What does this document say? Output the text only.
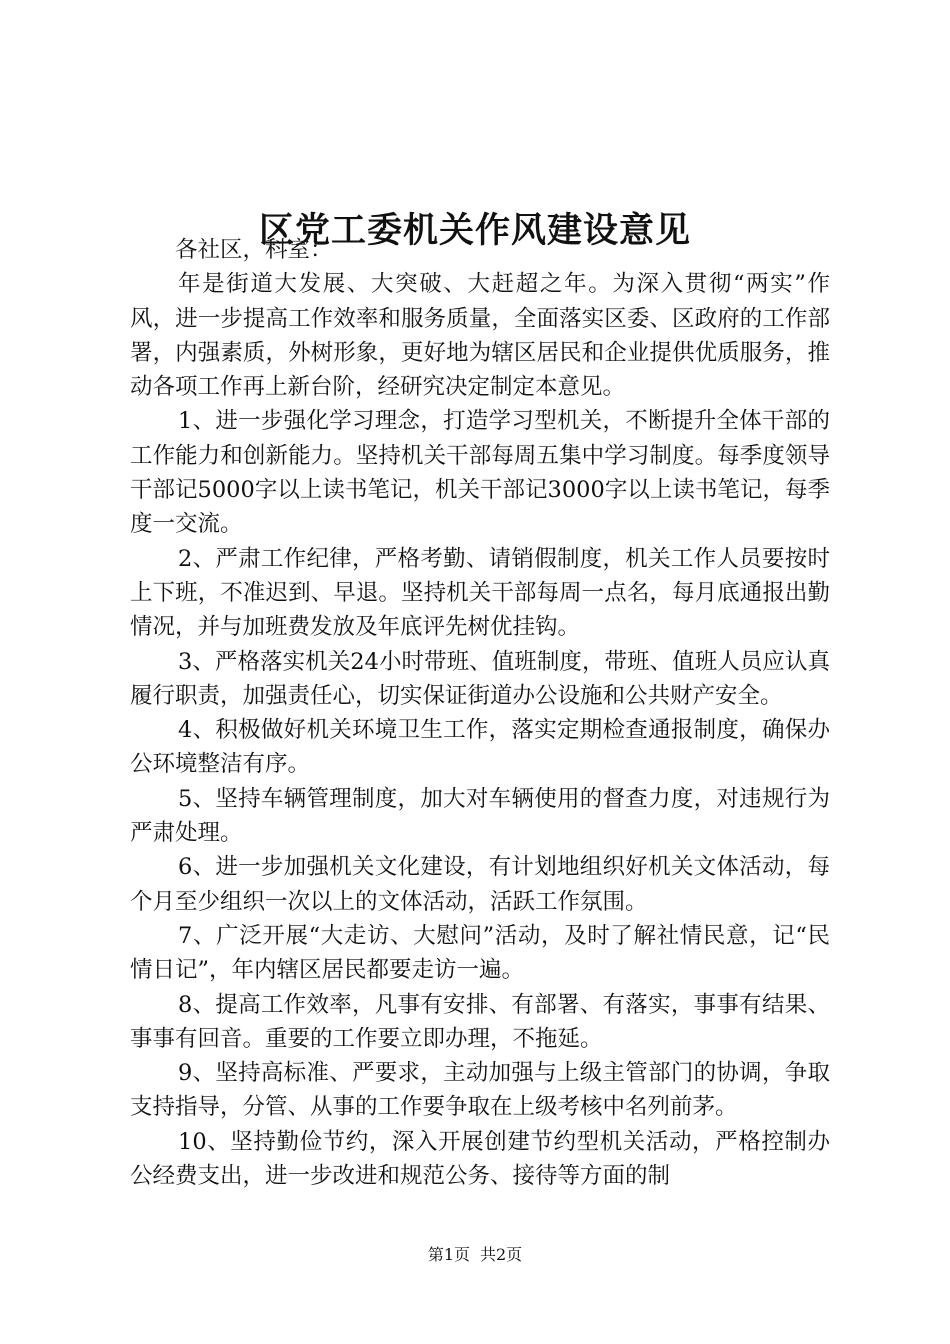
区党工委机关作风建设意见

各社区，科室：

年是街道大发展、大突破、大赶超之年。为深入贯彻“两实”作风，进一步提高工作效率和服务质量，全面落实区委、区政府的工作部署，内强素质，外树形象，更好地为辖区居民和企业提供优质服务，推动各项工作再上新台阶，经研究决定制定本意见。

1、进一步强化学习理念，打造学习型机关，不断提升全体干部的工作能力和创新能力。坚持机关干部每周五集中学习制度。每季度领导干部记5000字以上读书笔记，机关干部记3000字以上读书笔记，每季度一交流。

2、严肃工作纪律，严格考勤、请销假制度，机关工作人员要按时上下班，不准迟到、早退。坚持机关干部每周一点名，每月底通报出勤情况，并与加班费发放及年底评先树优挂钩。

3、严格落实机关24小时带班、值班制度，带班、值班人员应认真履行职责，加强责任心，切实保证街道办公设施和公共财产安全。

4、积极做好机关环境卫生工作，落实定期检查通报制度，确保办公环境整洁有序。

5、坚持车辆管理制度，加大对车辆使用的督查力度，对违规行为严肃处理。

6、进一步加强机关文化建设，有计划地组织好机关文体活动，每个月至少组织一次以上的文体活动，活跃工作氛围。

7、广泛开展“大走访、大慰问”活动，及时了解社情民意，记“民情日记”，年内辖区居民都要走访一遍。

8、提高工作效率，凡事有安排、有部署、有落实，事事有结果、事事有回音。重要的工作要立即办理，不拖延。

9、坚持高标准、严要求，主动加强与上级主管部门的协调，争取支持指导，分管、从事的工作要争取在上级考核中名列前茅。

10、坚持勤俭节约，深入开展创建节约型机关活动，严格控制办公经费支出，进一步改进和规范公务、接待等方面的制

第1页 共2页
